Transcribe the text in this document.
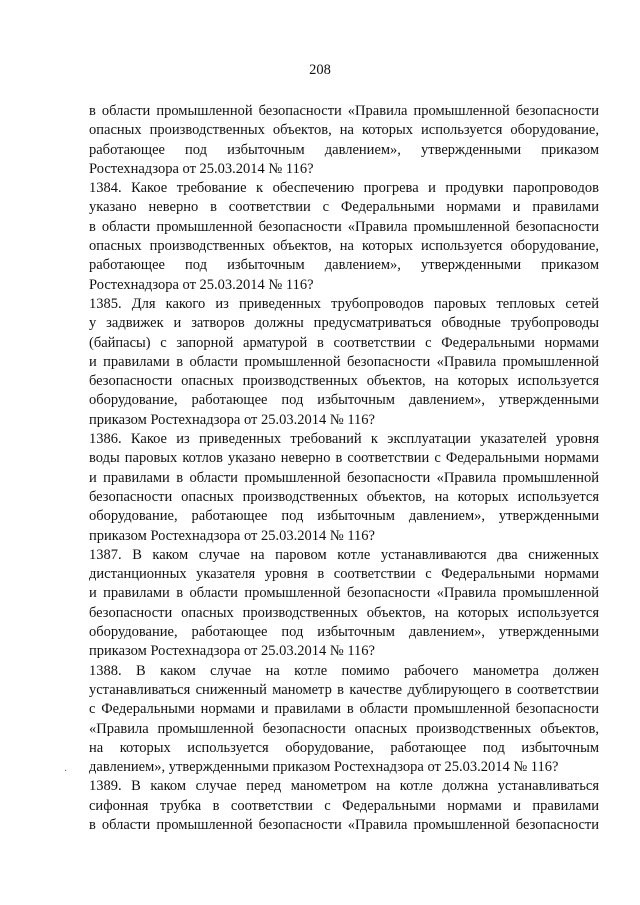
208
в области промышленной безопасности «Правила промышленной безопасности
опасных производственных объектов, на которых используется оборудование,
работающее под избыточным давлением», утвержденными приказом
Ростехнадзора от 25.03.2014 № 116?
1384. Какое требование к обеспечению прогрева и продувки паропроводов
указано неверно в соответствии с Федеральными нормами и правилами
в области промышленной безопасности «Правила промышленной безопасности
опасных производственных объектов, на которых используется оборудование,
работающее под избыточным давлением», утвержденными приказом
Ростехнадзора от 25.03.2014 № 116?
1385. Для какого из приведенных трубопроводов паровых тепловых сетей
у задвижек и затворов должны предусматриваться обводные трубопроводы
(байпасы) с запорной арматурой в соответствии с Федеральными нормами
и правилами в области промышленной безопасности «Правила промышленной
безопасности опасных производственных объектов, на которых используется
оборудование, работающее под избыточным давлением», утвержденными
приказом Ростехнадзора от 25.03.2014 № 116?
1386. Какое из приведенных требований к эксплуатации указателей уровня
воды паровых котлов указано неверно в соответствии с Федеральными нормами
и правилами в области промышленной безопасности «Правила промышленной
безопасности опасных производственных объектов, на которых используется
оборудование, работающее под избыточным давлением», утвержденными
приказом Ростехнадзора от 25.03.2014 № 116?
1387. В каком случае на паровом котле устанавливаются два сниженных
дистанционных указателя уровня в соответствии с Федеральными нормами
и правилами в области промышленной безопасности «Правила промышленной
безопасности опасных производственных объектов, на которых используется
оборудование, работающее под избыточным давлением», утвержденными
приказом Ростехнадзора от 25.03.2014 № 116?
1388. В каком случае на котле помимо рабочего манометра должен
устанавливаться сниженный манометр в качестве дублирующего в соответствии
с Федеральными нормами и правилами в области промышленной безопасности
«Правила промышленной безопасности опасных производственных объектов,
на которых используется оборудование, работающее под избыточным
давлением», утвержденными приказом Ростехнадзора от 25.03.2014 № 116?
1389. В каком случае перед манометром на котле должна устанавливаться
сифонная трубка в соответствии с Федеральными нормами и правилами
в области промышленной безопасности «Правила промышленной безопасности
·
